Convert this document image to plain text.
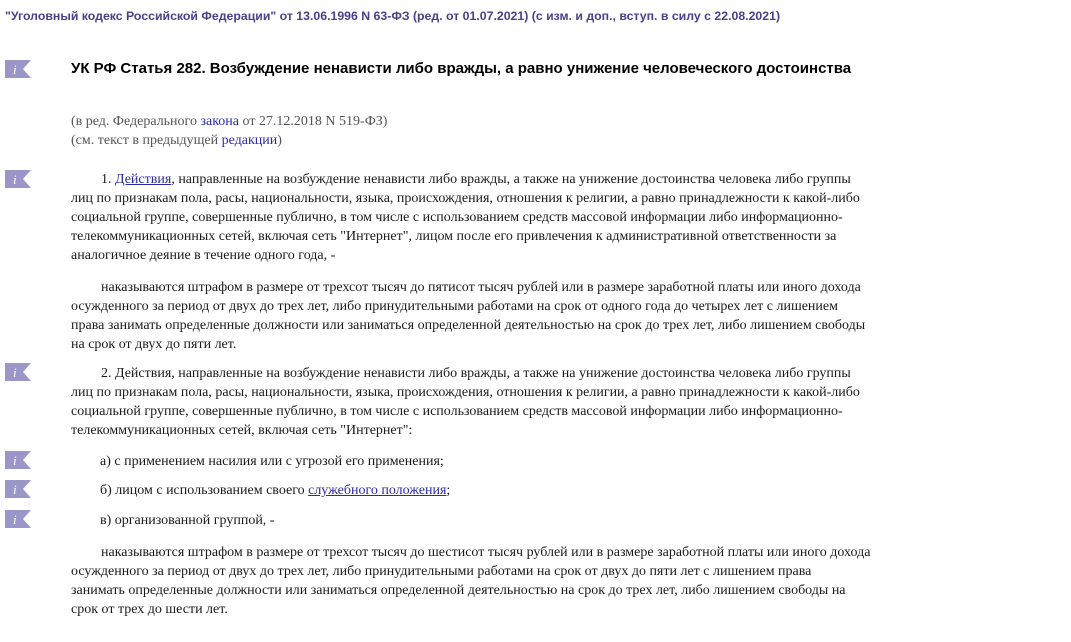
"Уголовный кодекс Российской Федерации" от 13.06.1996 N 63-ФЗ (ред. от 01.07.2021) (с изм. и доп., вступ. в силу с 22.08.2021)
i
i
i
i
i
i
УК РФ Статья 282. Возбуждение ненависти либо вражды, а равно унижение человеческого достоинства
(в ред. Федерального закона от 27.12.2018 N 519-ФЗ)
(см. текст в предыдущей редакции)
1. Действия, направленные на возбуждение ненависти либо вражды, а также на унижение достоинства человека либо группы
лиц по признакам пола, расы, национальности, языка, происхождения, отношения к религии, а равно принадлежности к какой-либо
социальной группе, совершенные публично, в том числе с использованием средств массовой информации либо информационно-
телекоммуникационных сетей, включая сеть "Интернет", лицом после его привлечения к административной ответственности за
аналогичное деяние в течение одного года, -
наказываются штрафом в размере от трехсот тысяч до пятисот тысяч рублей или в размере заработной платы или иного дохода
осужденного за период от двух до трех лет, либо принудительными работами на срок от одного года до четырех лет с лишением
права занимать определенные должности или заниматься определенной деятельностью на срок до трех лет, либо лишением свободы
на срок от двух до пяти лет.
2. Действия, направленные на возбуждение ненависти либо вражды, а также на унижение достоинства человека либо группы
лиц по признакам пола, расы, национальности, языка, происхождения, отношения к религии, а равно принадлежности к какой-либо
социальной группе, совершенные публично, в том числе с использованием средств массовой информации либо информационно-
телекоммуникационных сетей, включая сеть "Интернет":
а) с применением насилия или с угрозой его применения;
б) лицом с использованием своего служебного положения;
в) организованной группой, -
наказываются штрафом в размере от трехсот тысяч до шестисот тысяч рублей или в размере заработной платы или иного дохода
осужденного за период от двух до трех лет, либо принудительными работами на срок от двух до пяти лет с лишением права
занимать определенные должности или заниматься определенной деятельностью на срок до трех лет, либо лишением свободы на
срок от трех до шести лет.
